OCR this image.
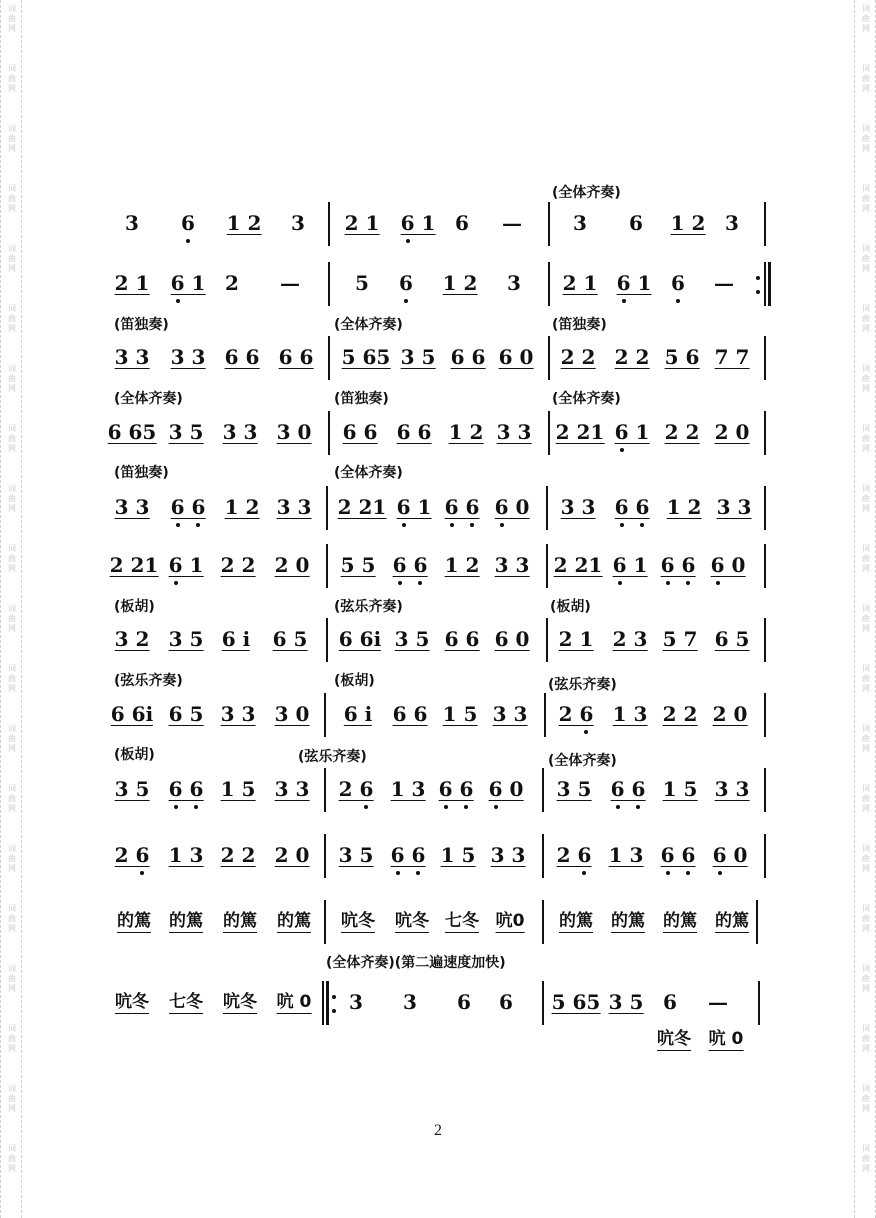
词
曲
网
词
曲
网
词
曲
网
词
曲
网
词
曲
网
词
曲
网
词
曲
网
词
曲
网
词
曲
网
词
曲
网
词
曲
网
词
曲
网
词
曲
网
词
曲
网
词
曲
网
词
曲
网
词
曲
网
词
曲
网
词
曲
网
词
曲
网
词
曲
网
词
曲
网
词
曲
网
词
曲
网
词
曲
网
词
曲
网
词
曲
网
词
曲
网
词
曲
网
词
曲
网
词
曲
网
词
曲
网
词
曲
网
词
曲
网
词
曲
网
词
曲
网
词
曲
网
词
曲
网
词
曲
网
词
曲
网
3 6 1 2 3 2 1 6 1 6 —	3 6 1 2 3
2 1 6 1 2 —	5 6 1 2 3 2 1 6 1 6 —
3 3 3 3 6 6 6 6 5 65 3 5 6 6 6 0 2 2 2 2 5 6 7 7
6 65 3 5 3 3 3 0 6 6 6 6 1 2 3 3 2 21 6 1 2 2 2 0
3 3 6 6 1 2 3 3 2 21 6 1 6 6 6 0 3 3 6 6 1 2 3 3
2 21 6 1 2 2 2 0 5 5 6 6 1 2 3 3 2 21 6 1 6 6 6 0
3 2 3 5 6 i 6 5 6 6i 3 5 6 6 6 0 2 1 2 3 5 7 6 5
6 6i 6 5 3 3 3 0 6 i 6 6 1 5 3 3 2 6 1 3 2 2 2 0
3 5 6 6 1 5 3 3 2 6 1 3 6 6 6 0 3 5 6 6 1 5 3 3
2 6 1 3 2 2 2 0 3 5 6 6 1 5 3 3 2 6 1 3 6 6 6 0
的篤 的篤 的篤 的篤 吭冬 吭冬 七冬 吭0 的篤 的篤 的篤 的篤
吭冬 七冬 吭冬 吭 0 3 3 6 6 5 65 3 5 6 —
吭冬 吭 0
(全体齐奏)
(笛独奏)	(全体齐奏)	(笛独奏)
(全体齐奏)	(笛独奏)	(全体齐奏)
(笛独奏)	(全体齐奏)
(板胡)	(弦乐齐奏)	(板胡)
(弦乐齐奏)	(板胡)	(弦乐齐奏)
(板胡)	(弦乐齐奏)	(全体齐奏)
(全体齐奏)(第二遍速度加快)
2
